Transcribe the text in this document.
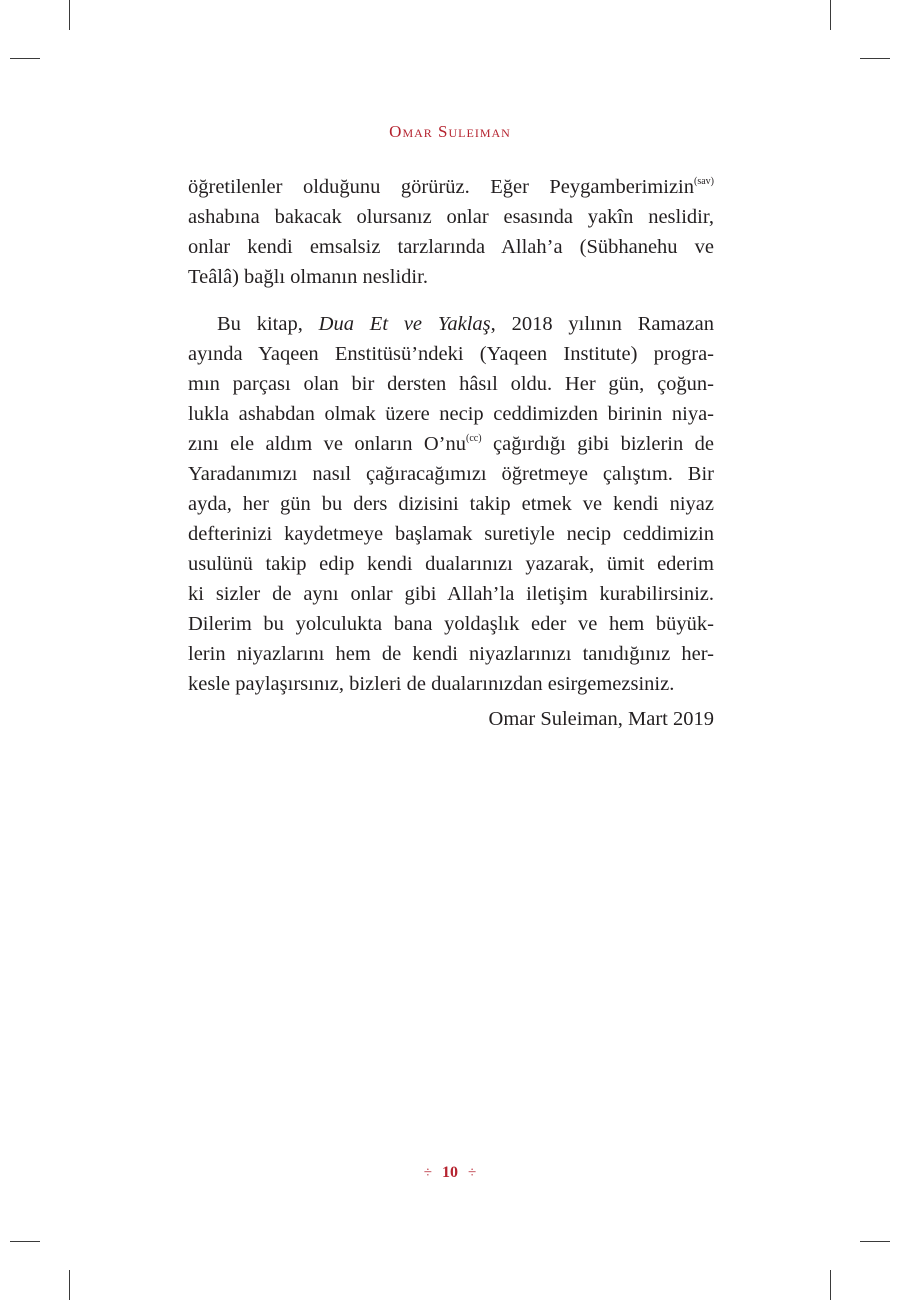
Omar Suleiman
öğretilenler olduğunu görürüz. Eğer Peygamberimizin$^{(sav)}$
ashabına bakacak olursanız onlar esasında yakîn neslidir,
onlar kendi emsalsiz tarzlarında Allah’a (Sübhanehu ve
Teâlâ) bağlı olmanın neslidir.
Bu kitap, Dua Et ve Yaklaş, 2018 yılının Ramazan
ayında Yaqeen Enstitüsü’ndeki (Yaqeen Institute) progra-
mın parçası olan bir dersten hâsıl oldu. Her gün, çoğun-
lukla ashabdan olmak üzere necip ceddimizden birinin niya-
zını ele aldım ve onların $O’nu^{(cc)}$ çağırdığı gibi bizlerin de
Yaradanımızı nasıl çağıracağımızı öğretmeye çalıştım. Bir
ayda, her gün bu ders dizisini takip etmek ve kendi niyaz
defterinizi kaydetmeye başlamak suretiyle necip ceddimizin
usulünü takip edip kendi dualarınızı yazarak, ümit ederim
ki sizler de aynı onlar gibi Allah’la iletişim kurabilirsiniz.
Dilerim bu yolculukta bana yoldaşlık eder ve hem büyük-
lerin niyazlarını hem de kendi niyazlarınızı tanıdığınız her-
kesle paylaşırsınız, bizleri de dualarınızdan esirgemezsiniz.
Omar Suleiman, Mart 2019
÷ 10 ÷
